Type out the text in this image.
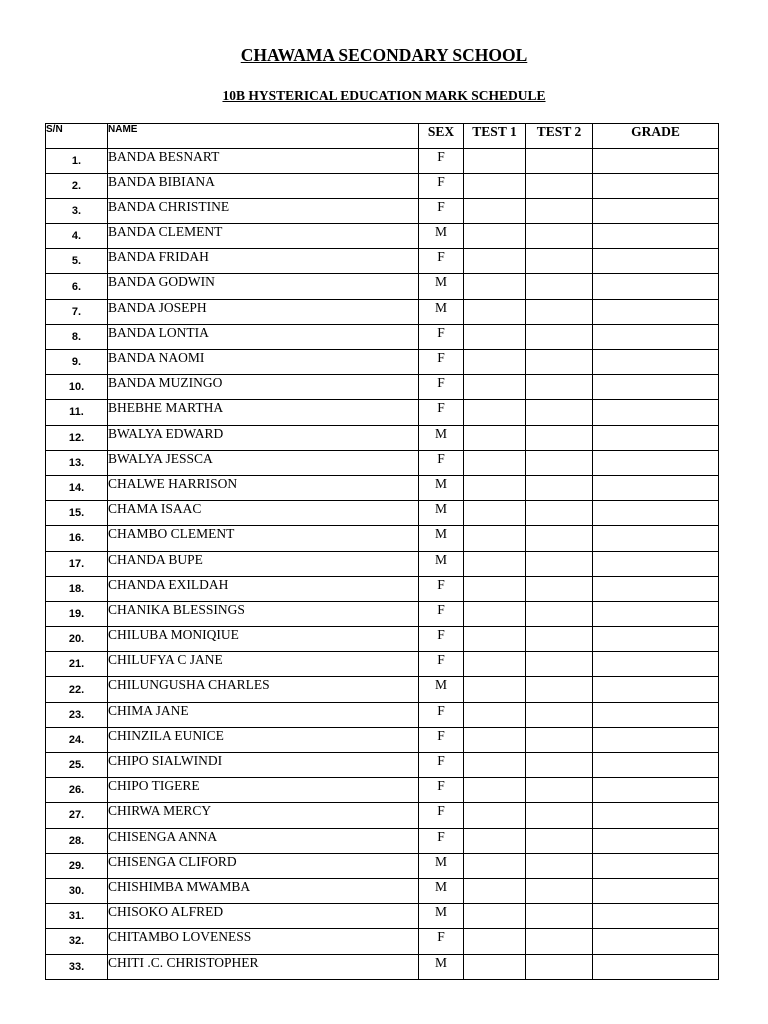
CHAWAMA SECONDARY SCHOOL
10B HYSTERICAL EDUCATION MARK SCHEDULE
S/N	NAME	SEX	TEST 1	TEST 2	GRADE
1.	BANDA BESNART	F			
2.	BANDA BIBIANA	F			
3.	BANDA CHRISTINE	F			
4.	BANDA CLEMENT	M			
5.	BANDA FRIDAH	F			
6.	BANDA GODWIN	M			
7.	BANDA JOSEPH	M			
8.	BANDA LONTIA	F			
9.	BANDA NAOMI	F			
10.	BANDA MUZINGO	F			
11.	BHEBHE MARTHA	F			
12.	BWALYA EDWARD	M			
13.	BWALYA JESSCA	F			
14.	CHALWE HARRISON	M			
15.	CHAMA ISAAC	M			
16.	CHAMBO CLEMENT	M			
17.	CHANDA BUPE	M			
18.	CHANDA EXILDAH	F			
19.	CHANIKA BLESSINGS	F			
20.	CHILUBA MONIQIUE	F			
21.	CHILUFYA C JANE	F			
22.	CHILUNGUSHA CHARLES	M			
23.	CHIMA JANE	F			
24.	CHINZILA EUNICE	F			
25.	CHIPO SIALWINDI	F			
26.	CHIPO TIGERE	F			
27.	CHIRWA MERCY	F			
28.	CHISENGA ANNA	F			
29.	CHISENGA CLIFORD	M			
30.	CHISHIMBA MWAMBA	M			
31.	CHISOKO ALFRED	M			
32.	CHITAMBO LOVENESS	F			
33.	CHITI .C. CHRISTOPHER	M			
